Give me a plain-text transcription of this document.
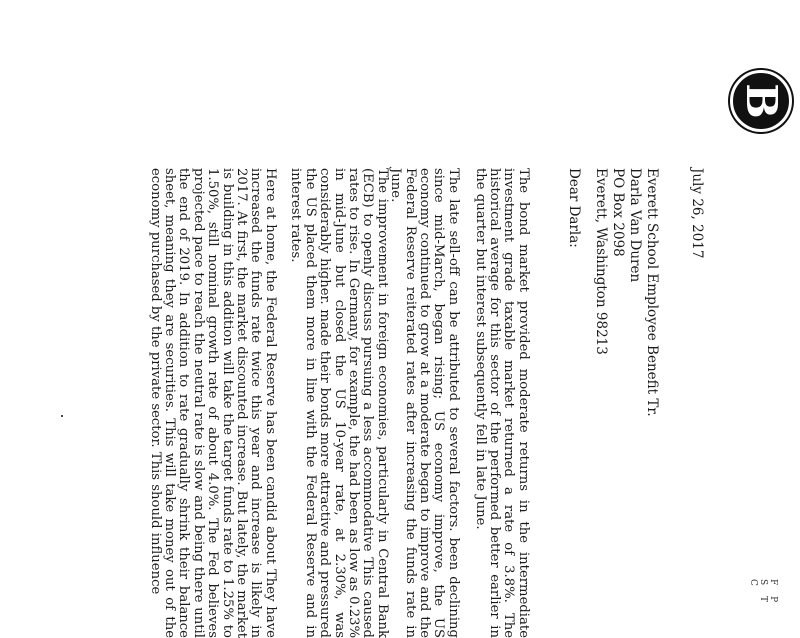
B
F P S T C
July 26, 2017
Everett School Employee Benefit Tr.
Darla Van Duren
PO Box 2098
Everett, Washington 98213
Dear Darla:

The bond market provided moderate returns in the intermediate investment grade taxable market returned a rate of 3.8%. The historical average for this sector of the performed better earlier in the quarter but interest subsequently fell in late June.

The late sell-off can be attributed to several factors. been declining since mid-March, began rising; US economy improve, the US economy continued to grow at a moderate began to improve and the Federal Reserve reiterated rates after increasing the funds rate in June.

The improvement in foreign economies, particularly in Central Bank (ECB) to openly discuss pursuing a less accommodative This caused rates to rise. In Germany, for example, the had been as low as 0.23% in mid-June but closed the US 10-year rate, at 2.30%, was considerably higher. made their bonds more attractive and pressured the US placed them more in line with the Federal Reserve and in interest rates.

Here at home, the Federal Reserve has been candid about They have increased the funds rate twice this year and increase is likely in 2017. At first, the market discounted increase. But lately, the market is building in this addition will take the target funds rate to 1.25% to 1.50%, still nominal growth rate of about 4.0%. The Fed believes projected pace to reach the neutral rate is slow and being there until the end of 2019. In addition to rate gradually shrink their balance sheet, meaning they are securities. This will take money out of the economy purchased by the private sector. This should influence
